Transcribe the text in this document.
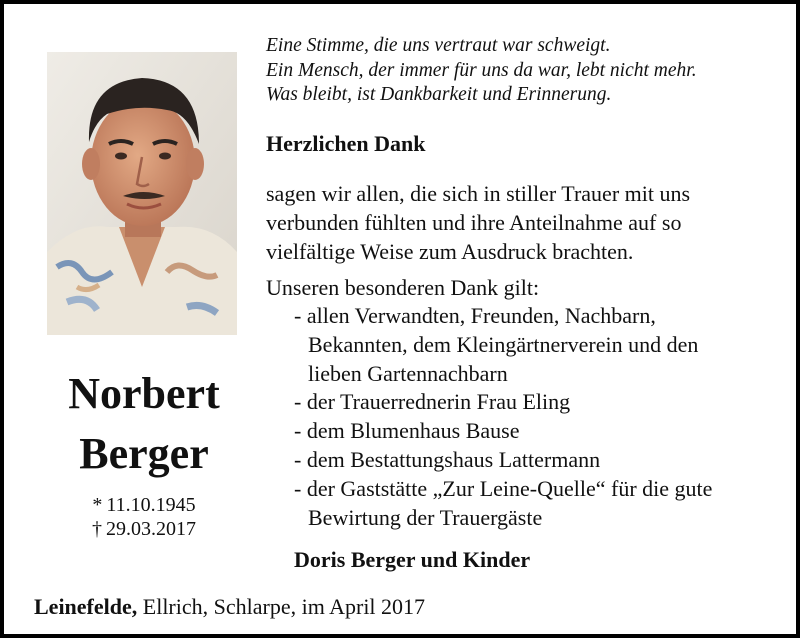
Norbert
Berger
* 11.10.1945
† 29.03.2017
Eine Stimme, die uns vertraut war schweigt.
Ein Mensch, der immer für uns da war, lebt nicht mehr.
Was bleibt, ist Dankbarkeit und Erinnerung.
Herzlichen Dank
sagen wir allen, die sich in stiller Trauer mit uns
verbunden fühlten und ihre Anteilnahme auf so
vielfältige Weise zum Ausdruck brachten.
Unseren besonderen Dank gilt:
- allen Verwandten, Freunden, Nachbarn,
Bekannten, dem Kleingärtnerverein und den
lieben Gartennachbarn
- der Trauerrednerin Frau Eling
- dem Blumenhaus Bause
- dem Bestattungshaus Lattermann
- der Gaststätte „Zur Leine-Quelle“ für die gute
Bewirtung der Trauergäste
Doris Berger und Kinder
Leinefelde, Ellrich, Schlarpe, im April 2017
